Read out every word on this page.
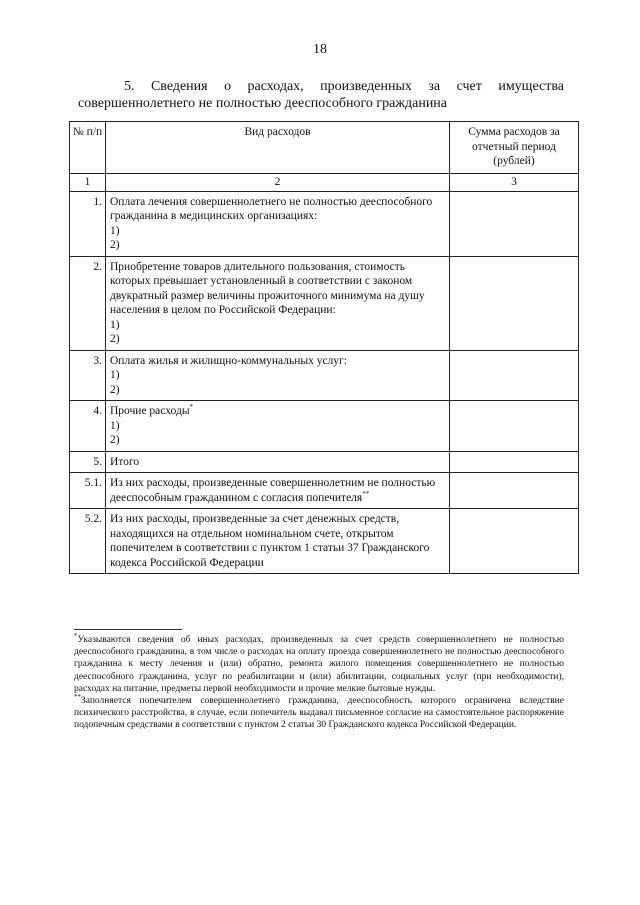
18
5. Сведения о расходах, произведенных за счет имущества
совершеннолетнего не полностью дееспособного гражданина
№ п/п	Вид расходов	Сумма расходов за отчетный период (рублей)
1	2	3
1.	Оплата лечения совершеннолетнего не полностью дееспособного гражданина в медицинских организациях:
1)
2)	

2.	Приобретение товаров длительного пользования, стоимость которых превышает установленный в соответствии с законом двукратный размер величины прожиточного минимума на душу населения в целом по Российской Федерации:
1)
2)	

3.	Оплата жилья и жилищно-коммунальных услуг:
1)
2)	

4.	Прочие расходы*
1)
2)	

5.	Итого	

5.1.	Из них расходы, произведенные совершеннолетним не полностью дееспособным гражданином с согласия попечителя**	
5.2.	Из них расходы, произведенные за счет денежных средств, находящихся на отдельном номинальном счете, открытом попечителем в соответствии с пунктом 1 статьи 37 Гражданского кодекса Российской Федерации	

*Указываются сведения об иных расходах, произведенных за счет средств совершеннолетнего не полностью дееспособного гражданина, в том числе о расходах на оплату проезда совершеннолетнего не полностью дееспособного гражданина к месту лечения и (или) обратно, ремонта жилого помещения совершеннолетнего не полностью дееспособного гражданина, услуг по реабилитации и (или) абилитации, социальных услуг (при необходимости), расходах на питание, предметы первой необходимости и прочие мелкие бытовые нужды.

**Заполняется попечителем совершеннолетнего гражданина, дееспособность которого ограничена вследствие психического расстройства, в случае, если попечитель выдавал письменное согласие на самостоятельное распоряжение подопечным средствами в соответствии с пунктом 2 статьи 30 Гражданского кодекса Российской Федерации.
